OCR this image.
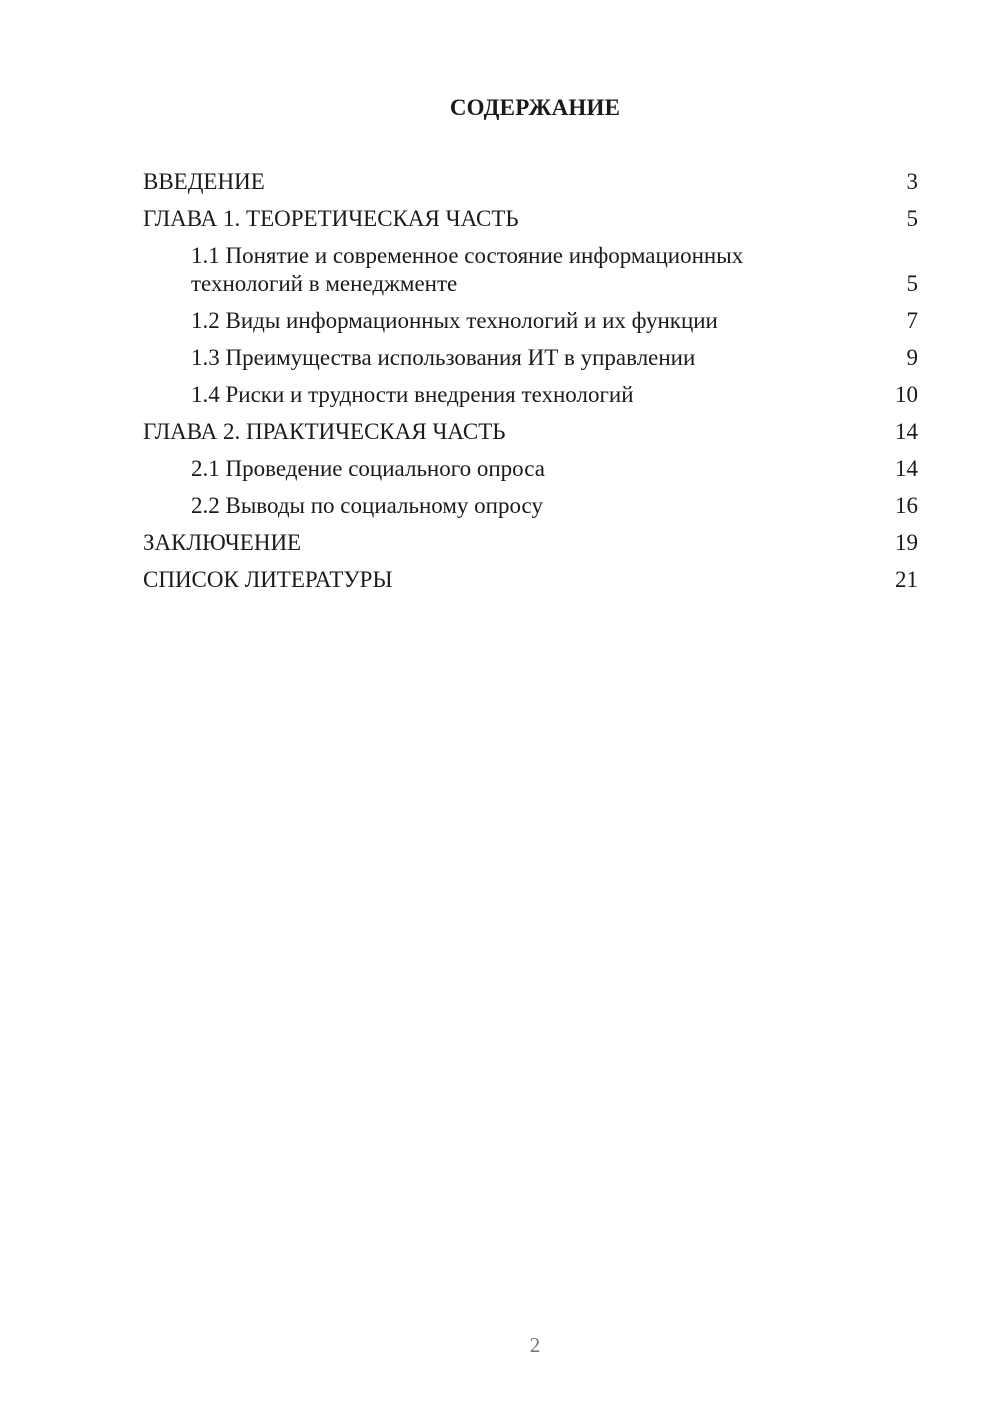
СОДЕРЖАНИЕ
ВВЕДЕНИЕ	3
ГЛАВА 1. ТЕОРЕТИЧЕСКАЯ ЧАСТЬ	5
1.1 Понятие и современное состояние информационных технологий в менеджменте	5
1.2 Виды информационных технологий и их функции	7
1.3 Преимущества использования ИТ в управлении	9
1.4 Риски и трудности внедрения технологий	10
ГЛАВА 2. ПРАКТИЧЕСКАЯ ЧАСТЬ	14
2.1 Проведение социального опроса	14
2.2 Выводы по социальному опросу	16
ЗАКЛЮЧЕНИЕ	19
СПИСОК ЛИТЕРАТУРЫ	21
2
